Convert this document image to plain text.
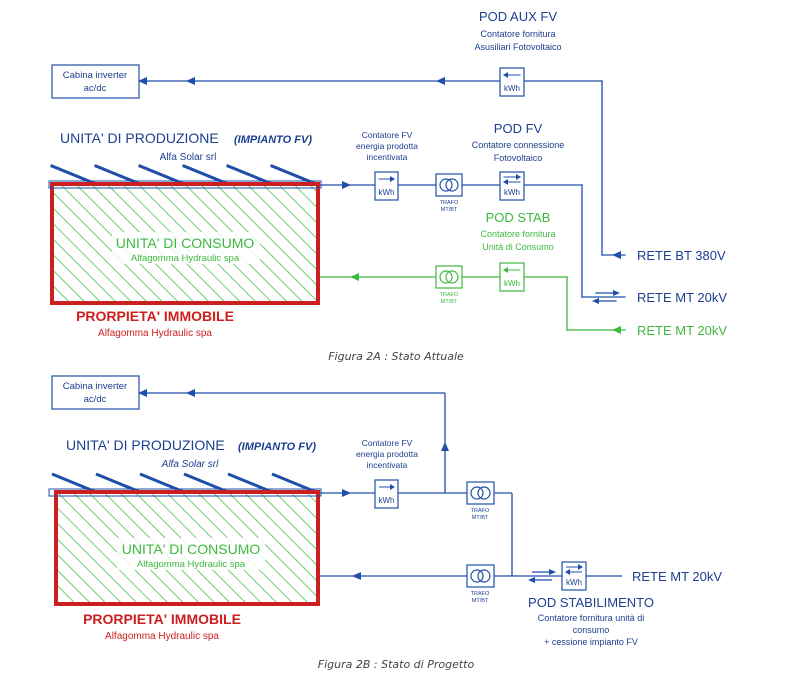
Cabina inverter
ac/dc
POD AUX FV
Contatore fornitura
Asusiliari Fotovoltaico
kWh
UNITA' DI PRODUZIONE (IMPIANTO FV)
Alfa Solar srl
UNITA' DI CONSUMO
Alfagomma Hydraulic spa
PRORPIETA' IMMOBILE
Alfagomma Hydraulic spa
Contatore FV
energia prodotta
incentivata
kWh
TRAFO
MT/BT
POD FV
Contatore connessione
Fotovoltaico
kWh
POD STAB
Contatore fornitura
Unità di Consumo
TRAFO
MT/BT
kWh
RETE BT 380V
RETE MT 20kV
RETE MT 20kV
Figura 2A : Stato Attuale
Cabina inverter
ac/dc
UNITA' DI PRODUZIONE (IMPIANTO FV)
Alfa Solar srl
UNITA' DI CONSUMO
Alfagomma Hydraulic spa
PRORPIETA' IMMOBILE
Alfagomma Hydraulic spa
Contatore FV
energia prodotta
incentivata
kWh
TRAFO
MT/BT
TRAFO
MT/BT
kWh	RETE MT 20kV
POD STABILIMENTO
Contatore fornitura unità di
consumo
+ cessione impianto FV
Figura 2B : Stato di Progetto
